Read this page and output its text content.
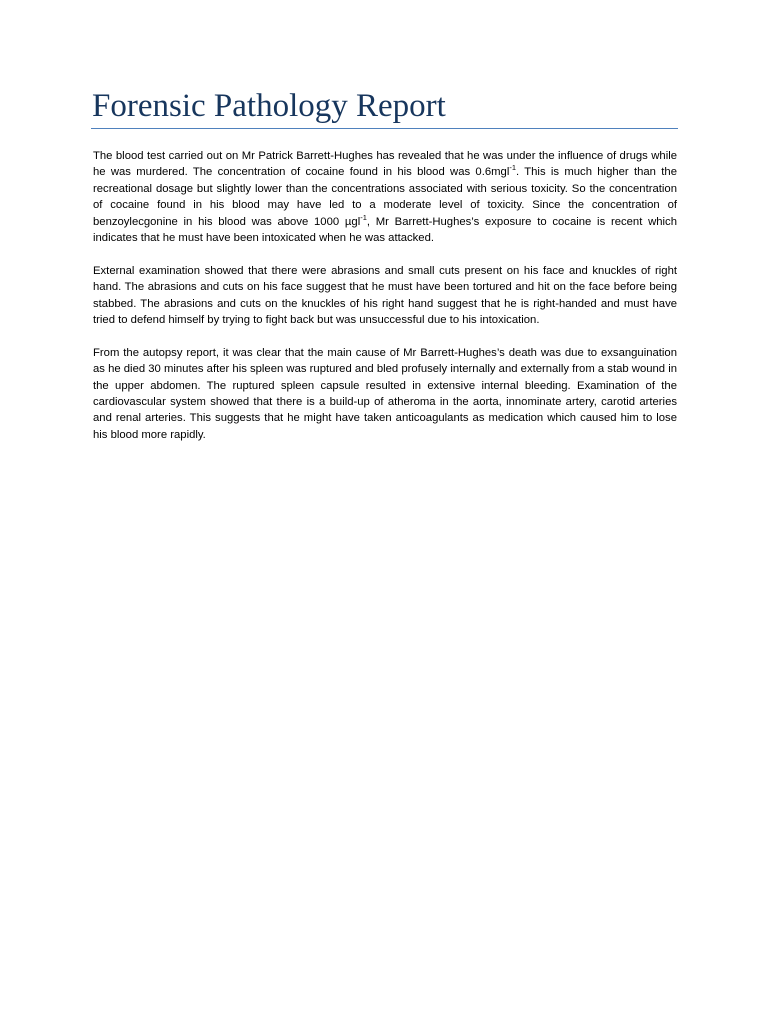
Forensic Pathology Report

The blood test carried out on Mr Patrick Barrett-Hughes has revealed that he was under the influence of drugs while he was murdered. The concentration of cocaine found in his blood was 0.6mgl$^{-1}$. This is much higher than the recreational dosage but slightly lower than the concentrations associated with serious toxicity. So the concentration of cocaine found in his blood may have led to a moderate level of toxicity. Since the concentration of benzoylecgonine in his blood was above 1000 µgl$^{-1}$, Mr Barrett-Hughes’s exposure to cocaine is recent which indicates that he must have been intoxicated when he was attacked.

External examination showed that there were abrasions and small cuts present on his face and knuckles of right hand. The abrasions and cuts on his face suggest that he must have been tortured and hit on the face before being stabbed. The abrasions and cuts on the knuckles of his right hand suggest that he is right-handed and must have tried to defend himself by trying to fight back but was unsuccessful due to his intoxication.

From the autopsy report, it was clear that the main cause of Mr Barrett-Hughes’s death was due to exsanguination as he died 30 minutes after his spleen was ruptured and bled profusely internally and externally from a stab wound in the upper abdomen. The ruptured spleen capsule resulted in extensive internal bleeding. Examination of the cardiovascular system showed that there is a build-up of atheroma in the aorta, innominate artery, carotid arteries and renal arteries. This suggests that he might have taken anticoagulants as medication which caused him to lose his blood more rapidly.
